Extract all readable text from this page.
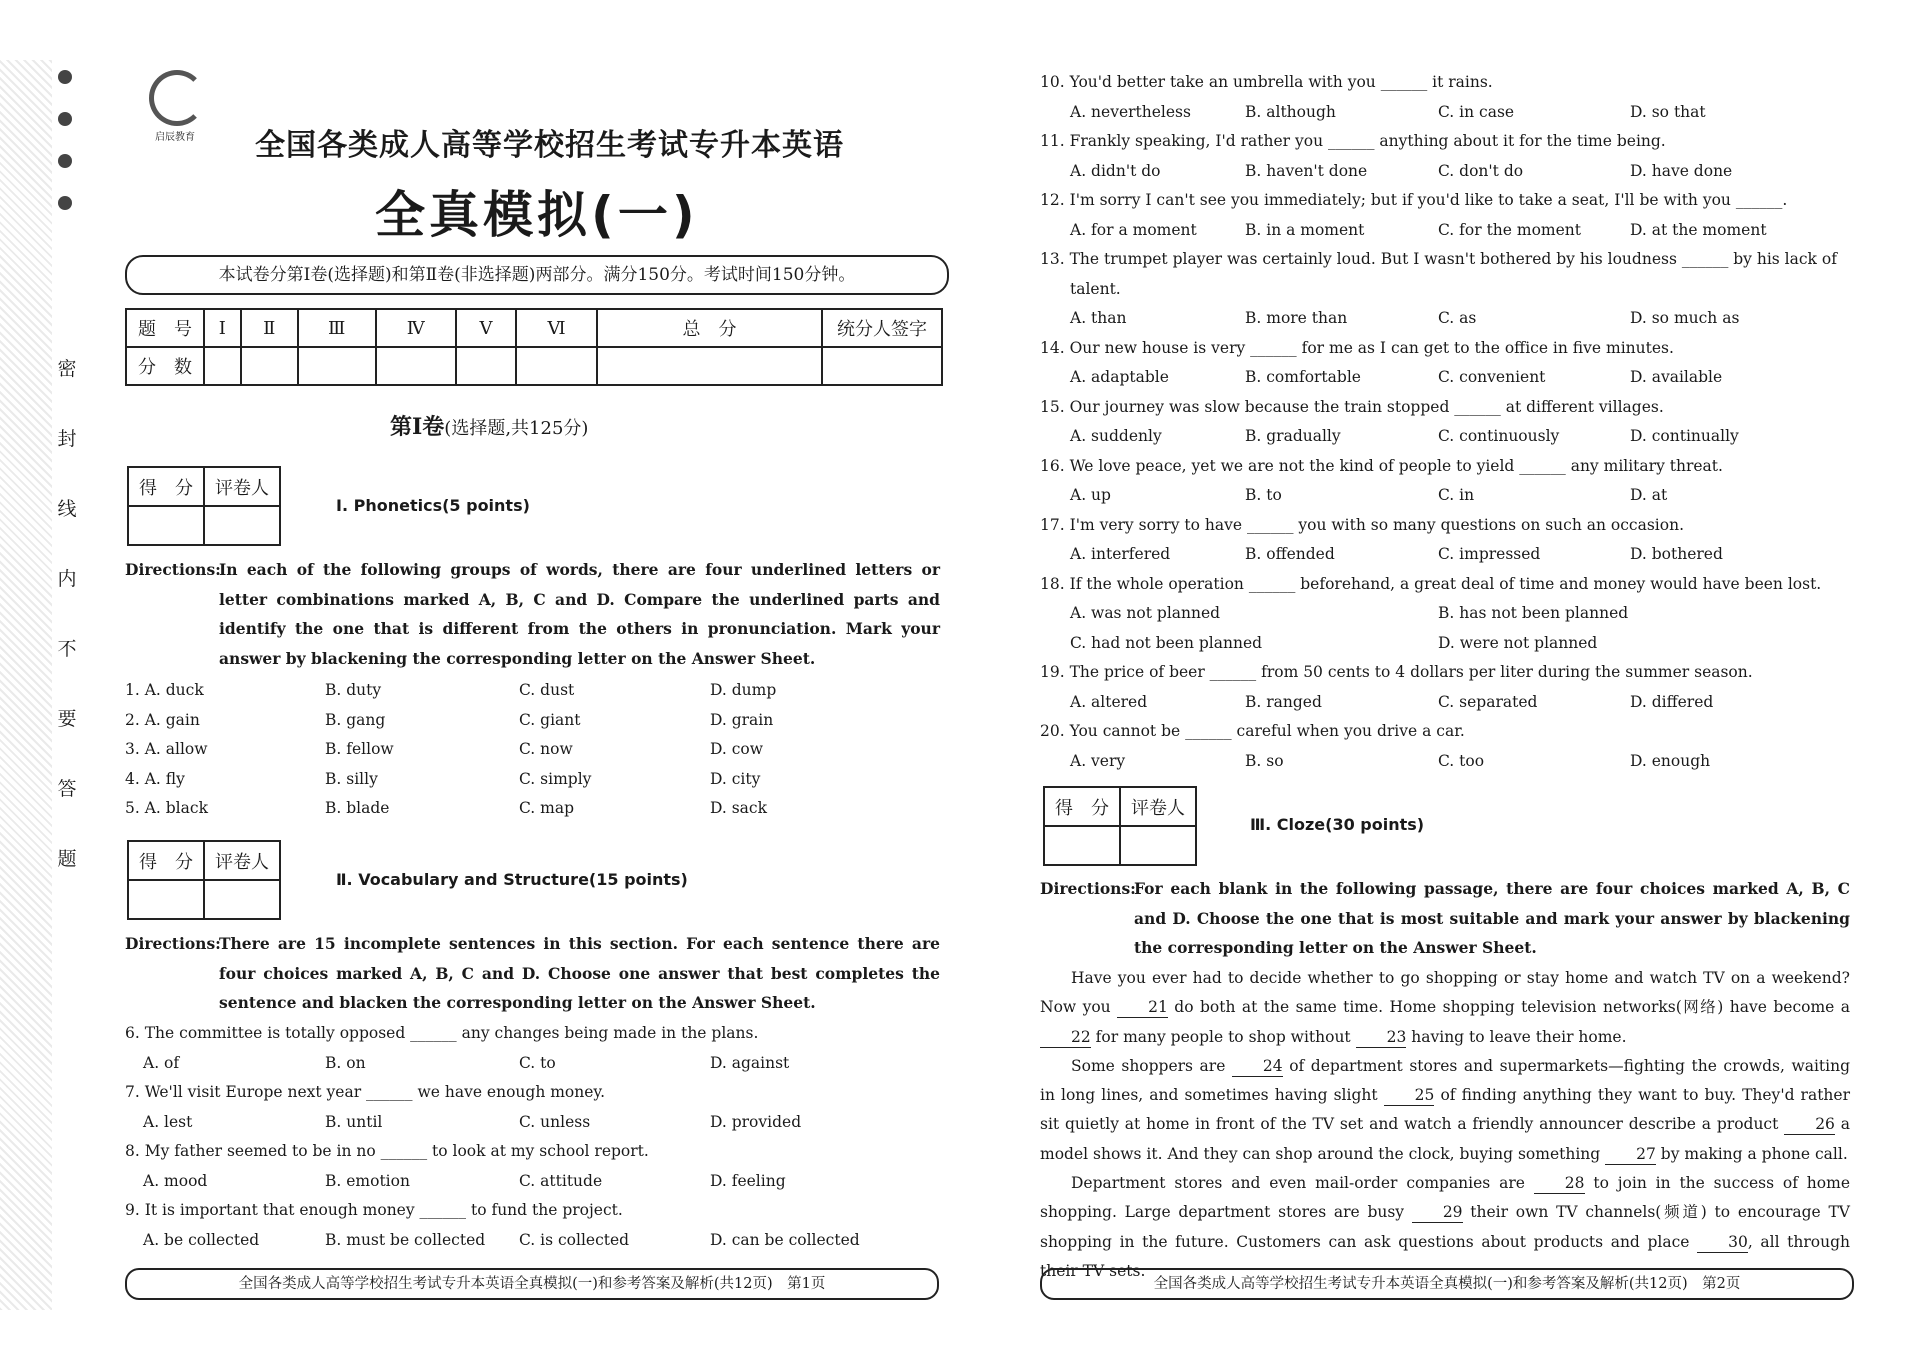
密
封
线
内
不
要
答
题
启辰教育	全国各类成人高等学校招生考试专升本英语
全真模拟(一)
本试卷分第Ⅰ卷(选择题)和第Ⅱ卷(非选择题)两部分。满分150分。考试时间150分钟。
题　号	Ⅰ	Ⅱ	Ⅲ	Ⅳ	Ⅴ	Ⅵ	总　分	统分人签字
分　数								
第Ⅰ卷(选择题,共125分)
得　分	评卷人

Ⅰ. Phonetics(5 points)
Directions:
In each of the following groups of words, there are four underlined letters or letter combinations marked A, B, C and D. Compare the underlined parts and identify the one that is different from the others in pronunciation. Mark your answer by blackening the corresponding letter on the Answer Sheet.
1. A. duck	B. duty	C. dust	D. dump
2. A. gain	B. gang	C. giant	D. grain
3. A. allow	B. fellow	C. now	D. cow
4. A. fly	B. silly	C. simply	D. city
5. A. black	B. blade	C. map	D. sack
得　分	评卷人

Ⅱ. Vocabulary and Structure(15 points)
Directions:
There are 15 incomplete sentences in this section. For each sentence there are four choices marked A, B, C and D. Choose one answer that best completes the sentence and blacken the corresponding letter on the Answer Sheet.
6. The committee is totally opposed ______ any changes being made in the plans.
A. of	B. on	C. to	D. against
7. We'll visit Europe next year ______ we have enough money.
A. lest	B. until	C. unless	D. provided
8. My father seemed to be in no ______ to look at my school report.
A. mood	B. emotion	C. attitude	D. feeling
9. It is important that enough money ______ to fund the project.
A. be collected	B. must be collected C. is collected	D. can be collected
全国各类成人高等学校招生考试专升本英语全真模拟(一)和参考答案及解析(共12页)　第1页
10. You'd better take an umbrella with you ______ it rains.
A. nevertheless	B. although	C. in case	D. so that
11. Frankly speaking, I'd rather you ______ anything about it for the time being.
A. didn't do	B. haven't done	C. don't do	D. have done
12. I'm sorry I can't see you immediately; but if you'd like to take a seat, I'll be with you ______.
A. for a moment	B. in a moment	C. for the moment	D. at the moment
13. The trumpet player was certainly loud. But I wasn't bothered by his loudness ______ by his lack of
talent.
A. than	B. more than	C. as	D. so much as
14. Our new house is very ______ for me as I can get to the office in five minutes.
A. adaptable	B. comfortable	C. convenient	D. available
15. Our journey was slow because the train stopped ______ at different villages.
A. suddenly	B. gradually	C. continuously	D. continually
16. We love peace, yet we are not the kind of people to yield ______ any military threat.
A. up	B. to	C. in	D. at
17. I'm very sorry to have ______ you with so many questions on such an occasion.
A. interfered	B. offended	C. impressed	D. bothered
18. If the whole operation ______ beforehand, a great deal of time and money would have been lost.
A. was not planned	B. has not been planned
C. had not been planned	D. were not planned
19. The price of beer ______ from 50 cents to 4 dollars per liter during the summer season.
A. altered	B. ranged	C. separated	D. differed
20. You cannot be ______ careful when you drive a car.
A. very	B. so	C. too	D. enough
得　分	评卷人

Ⅲ. Cloze(30 points)
Directions:
For each blank in the following passage, there are four choices marked A, B, C and D. Choose the one that is most suitable and mark your answer by blackening the corresponding letter on the Answer Sheet.

Have you ever had to decide whether to go shopping or stay home and watch TV on a weekend? Now you 21 do both at the same time. Home shopping television networks(网络) have become a 22 for many people to shop without 23 having to leave their home.

Some shoppers are 24 of department stores and supermarkets—fighting the crowds, waiting in long lines, and sometimes having slight 25 of finding anything they want to buy. They'd rather sit quietly at home in front of the TV set and watch a friendly announcer describe a product 26 a model shows it. And they can shop around the clock, buying something 27 by making a phone call.

Department stores and even mail-order companies are 28 to join in the success of home shopping. Large department stores are busy 29 their own TV channels(频道) to encourage TV shopping in the future. Customers can ask questions about products and place 30, all through their TV sets.

全国各类成人高等学校招生考试专升本英语全真模拟(一)和参考答案及解析(共12页)　第2页
